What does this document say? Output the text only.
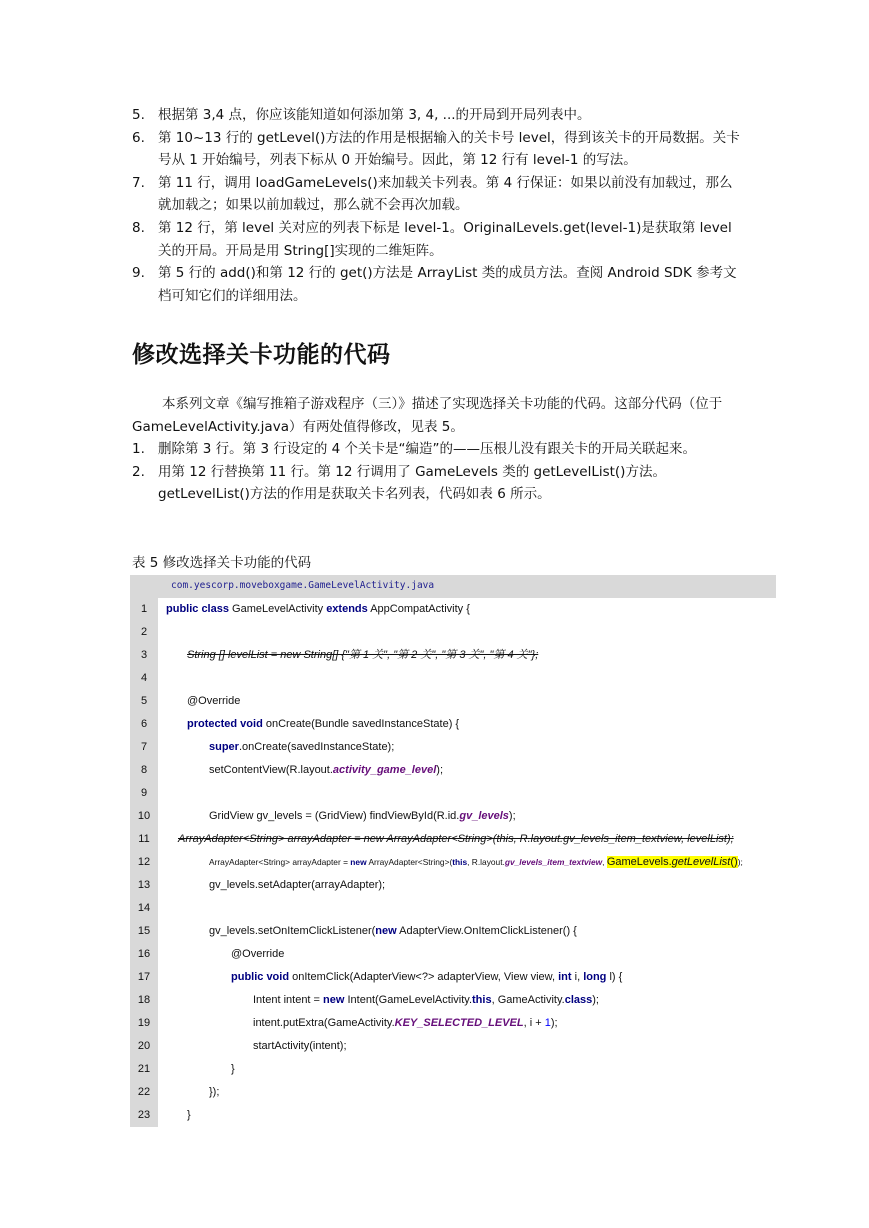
5. 根据第 3,4 点，你应该能知道如何添加第 3, 4, ...的开局到开局列表中。
6. 第 10~13 行的 getLevel()方法的作用是根据输入的关卡号 level，得到该关卡的开局数据。关卡号从 1 开始编号，列表下标从 0 开始编号。因此，第 12 行有 level-1 的写法。
7. 第 11 行，调用 loadGameLevels()来加载关卡列表。第 4 行保证：如果以前没有加载过，那么就加载之；如果以前加载过，那么就不会再次加载。
8. 第 12 行，第 level 关对应的列表下标是 level-1。OriginalLevels.get(level-1)是获取第 level 关的开局。开局是用 String[]实现的二维矩阵。
9. 第 5 行的 add()和第 12 行的 get()方法是 ArrayList 类的成员方法。查阅 Android SDK 参考文档可知它们的详细用法。
修改选择关卡功能的代码

本系列文章《编写推箱子游戏程序（三）》描述了实现选择关卡功能的代码。这部分代码（位于 GameLevelActivity.java）有两处值得修改，见表 5。

1. 删除第 3 行。第 3 行设定的 4 个关卡是“编造”的——压根儿没有跟关卡的开局关联起来。
2. 用第 12 行替换第 11 行。第 12 行调用了 GameLevels 类的 getLevelList()方法。getLevelList()方法的作用是获取关卡名列表，代码如表 6 所示。

表 5 修改选择关卡功能的代码

com.yescorp.moveboxgame.GameLevelActivity.java
1	public class GameLevelActivity extends AppCompatActivity {
2
3	String [] levelList = new String[] {"第 1 关", "第 2 关", "第 3 关", "第 4 关"};
4
5	@Override
6	protected void onCreate(Bundle savedInstanceState) {
7	super.onCreate(savedInstanceState);
8	setContentView(R.layout.activity_game_level);
9
10	GridView gv_levels = (GridView) findViewById(R.id.gv_levels);
11	ArrayAdapter<String> arrayAdapter = new ArrayAdapter<String>(this, R.layout.gv_levels_item_textview, levelList);
12	ArrayAdapter<String> arrayAdapter = new ArrayAdapter<String>(this, R.layout.gv_levels_item_textview, GameLevels.getLevelList());
13	gv_levels.setAdapter(arrayAdapter);
14
15	gv_levels.setOnItemClickListener(new AdapterView.OnItemClickListener() {
16	@Override
17	public void onItemClick(AdapterView<?> adapterView, View view, int i, long l) {
18	Intent intent = new Intent(GameLevelActivity.this, GameActivity.class);
19	intent.putExtra(GameActivity.KEY_SELECTED_LEVEL, i + 1);
20	startActivity(intent);
21	}
22	});
23	}
